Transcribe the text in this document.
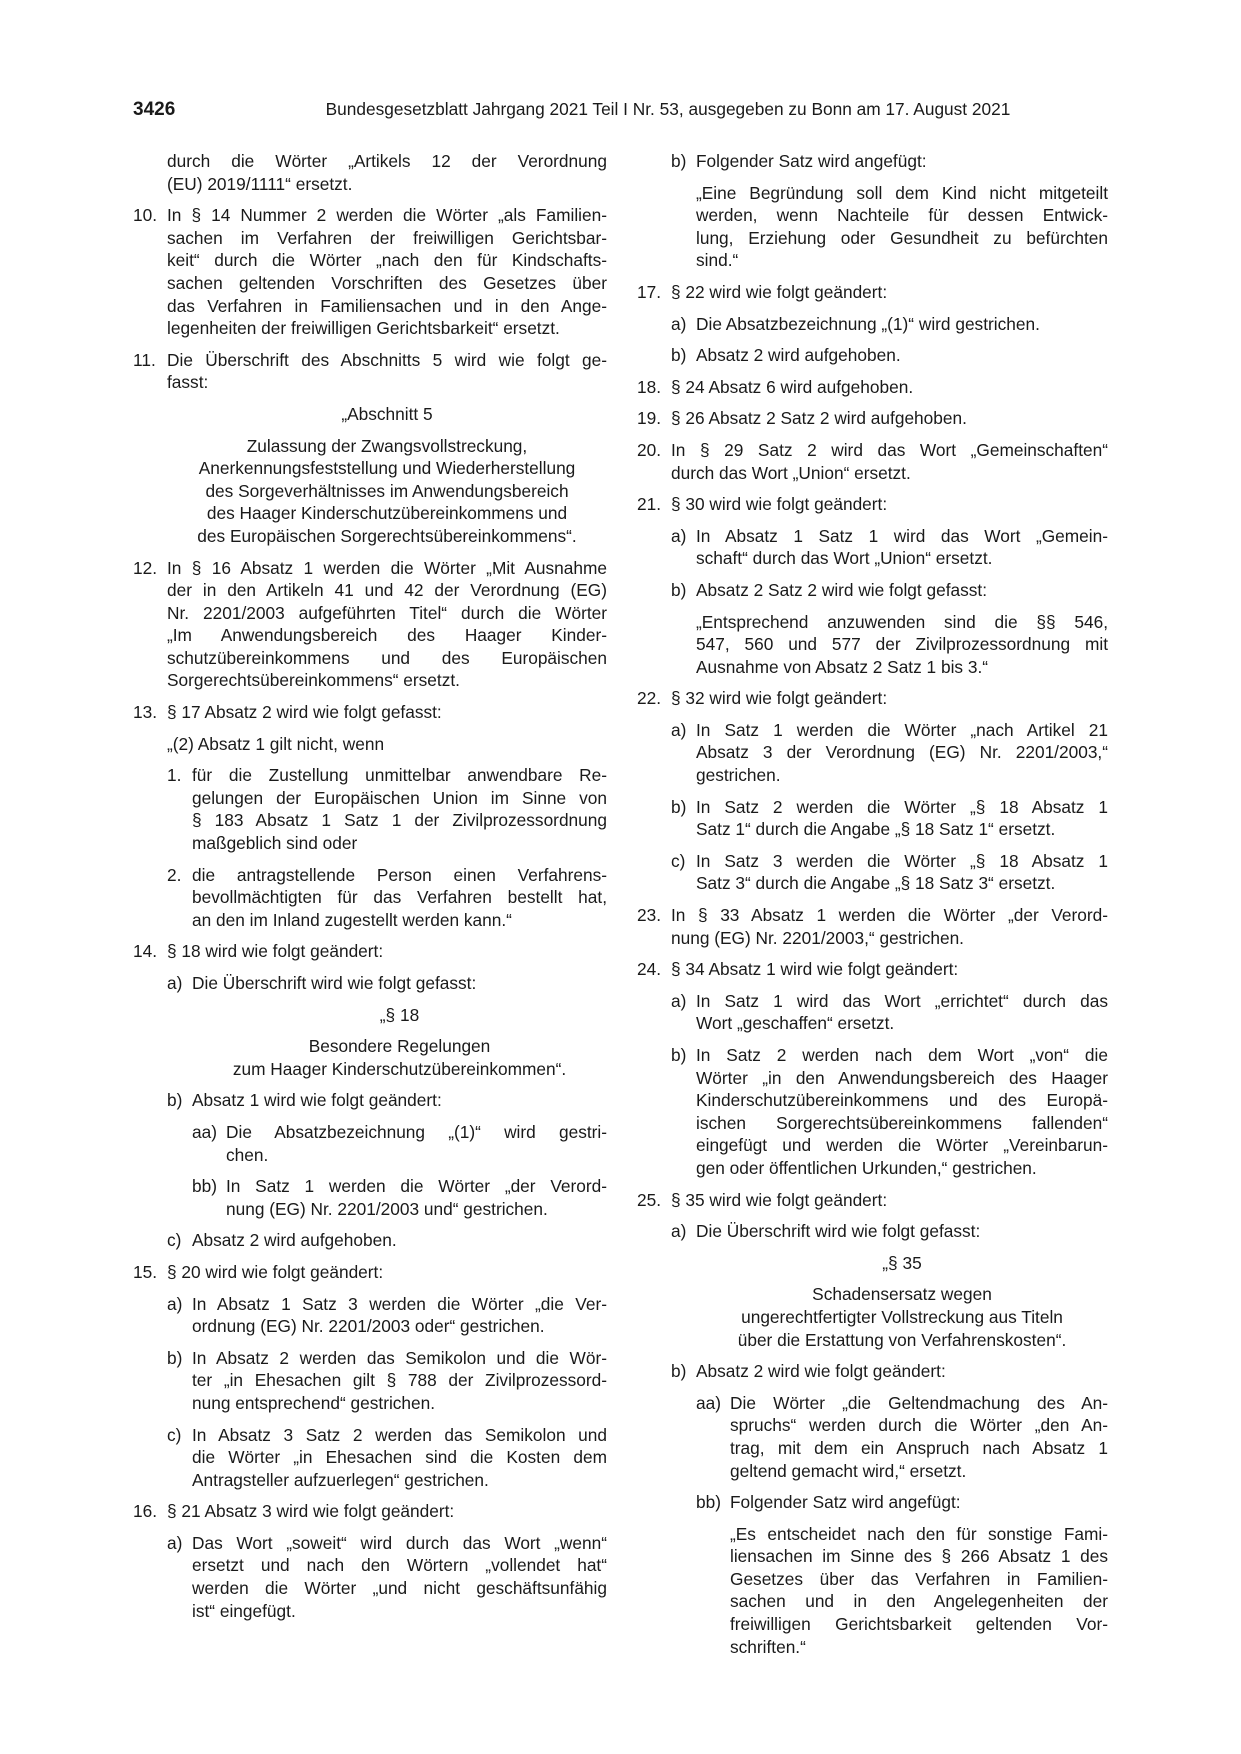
3426	Bundesgesetzblatt Jahrgang 2021 Teil I Nr. 53, ausgegeben zu Bonn am 17. August 2021
durch die Wörter „Artikels 12 der Verordnung
(EU) 2019/1111“ ersetzt.
10. In § 14 Nummer 2 werden die Wörter „als Familien-
sachen im Verfahren der freiwilligen Gerichtsbar-
keit“ durch die Wörter „nach den für Kindschafts-
sachen geltenden Vorschriften des Gesetzes über
das Verfahren in Familiensachen und in den Ange-
legenheiten der freiwilligen Gerichtsbarkeit“ ersetzt.
11. Die Überschrift des Abschnitts 5 wird wie folgt ge-
fasst:
„Abschnitt 5
Zulassung der Zwangsvollstreckung,
Anerkennungsfeststellung und Wiederherstellung
des Sorgeverhältnisses im Anwendungsbereich
des Haager Kinderschutzübereinkommens und
des Europäischen Sorgerechtsübereinkommens“.
12. In § 16 Absatz 1 werden die Wörter „Mit Ausnahme
der in den Artikeln 41 und 42 der Verordnung (EG)
Nr. 2201/2003 aufgeführten Titel“ durch die Wörter
„Im Anwendungsbereich des Haager Kinder-
schutzübereinkommens und des Europäischen
Sorgerechtsübereinkommens“ ersetzt.
13. § 17 Absatz 2 wird wie folgt gefasst:
„(2) Absatz 1 gilt nicht, wenn
1. für die Zustellung unmittelbar anwendbare Re-
gelungen der Europäischen Union im Sinne von
§ 183 Absatz 1 Satz 1 der Zivilprozessordnung
maßgeblich sind oder
2. die antragstellende Person einen Verfahrens-
bevollmächtigten für das Verfahren bestellt hat,
an den im Inland zugestellt werden kann.“
14. § 18 wird wie folgt geändert:
a) Die Überschrift wird wie folgt gefasst:
„§ 18
Besondere Regelungen
zum Haager Kinderschutzübereinkommen“.
b) Absatz 1 wird wie folgt geändert:
aa) Die Absatzbezeichnung „(1)“ wird gestri-
chen.
bb) In Satz 1 werden die Wörter „der Verord-
nung (EG) Nr. 2201/2003 und“ gestrichen.
c) Absatz 2 wird aufgehoben.
15. § 20 wird wie folgt geändert:
a) In Absatz 1 Satz 3 werden die Wörter „die Ver-
ordnung (EG) Nr. 2201/2003 oder“ gestrichen.
b) In Absatz 2 werden das Semikolon und die Wör-
ter „in Ehesachen gilt § 788 der Zivilprozessord-
nung entsprechend“ gestrichen.
c) In Absatz 3 Satz 2 werden das Semikolon und
die Wörter „in Ehesachen sind die Kosten dem
Antragsteller aufzuerlegen“ gestrichen.
16. § 21 Absatz 3 wird wie folgt geändert:
a) Das Wort „soweit“ wird durch das Wort „wenn“
ersetzt und nach den Wörtern „vollendet hat“
werden die Wörter „und nicht geschäftsunfähig
ist“ eingefügt.
b) Folgender Satz wird angefügt:
„Eine Begründung soll dem Kind nicht mitgeteilt
werden, wenn Nachteile für dessen Entwick-
lung, Erziehung oder Gesundheit zu befürchten
sind.“
17. § 22 wird wie folgt geändert:
a) Die Absatzbezeichnung „(1)“ wird gestrichen.
b) Absatz 2 wird aufgehoben.
18. § 24 Absatz 6 wird aufgehoben.
19. § 26 Absatz 2 Satz 2 wird aufgehoben.
20. In § 29 Satz 2 wird das Wort „Gemeinschaften“
durch das Wort „Union“ ersetzt.
21. § 30 wird wie folgt geändert:
a) In Absatz 1 Satz 1 wird das Wort „Gemein-
schaft“ durch das Wort „Union“ ersetzt.
b) Absatz 2 Satz 2 wird wie folgt gefasst:
„Entsprechend anzuwenden sind die §§ 546,
547, 560 und 577 der Zivilprozessordnung mit
Ausnahme von Absatz 2 Satz 1 bis 3.“
22. § 32 wird wie folgt geändert:
a) In Satz 1 werden die Wörter „nach Artikel 21
Absatz 3 der Verordnung (EG) Nr. 2201/2003,“
gestrichen.
b) In Satz 2 werden die Wörter „§ 18 Absatz 1
Satz 1“ durch die Angabe „§ 18 Satz 1“ ersetzt.
c) In Satz 3 werden die Wörter „§ 18 Absatz 1
Satz 3“ durch die Angabe „§ 18 Satz 3“ ersetzt.
23. In § 33 Absatz 1 werden die Wörter „der Verord-
nung (EG) Nr. 2201/2003,“ gestrichen.
24. § 34 Absatz 1 wird wie folgt geändert:
a) In Satz 1 wird das Wort „errichtet“ durch das
Wort „geschaffen“ ersetzt.
b) In Satz 2 werden nach dem Wort „von“ die
Wörter „in den Anwendungsbereich des Haager
Kinderschutzübereinkommens und des Europä-
ischen Sorgerechtsübereinkommens fallenden“
eingefügt und werden die Wörter „Vereinbarun-
gen oder öffentlichen Urkunden,“ gestrichen.
25. § 35 wird wie folgt geändert:
a) Die Überschrift wird wie folgt gefasst:
„§ 35
Schadensersatz wegen
ungerechtfertigter Vollstreckung aus Titeln
über die Erstattung von Verfahrenskosten“.
b) Absatz 2 wird wie folgt geändert:
aa) Die Wörter „die Geltendmachung des An-
spruchs“ werden durch die Wörter „den An-
trag, mit dem ein Anspruch nach Absatz 1
geltend gemacht wird,“ ersetzt.
bb) Folgender Satz wird angefügt:
„Es entscheidet nach den für sonstige Fami-
liensachen im Sinne des § 266 Absatz 1 des
Gesetzes über das Verfahren in Familien-
sachen und in den Angelegenheiten der
freiwilligen Gerichtsbarkeit geltenden Vor-
schriften.“
